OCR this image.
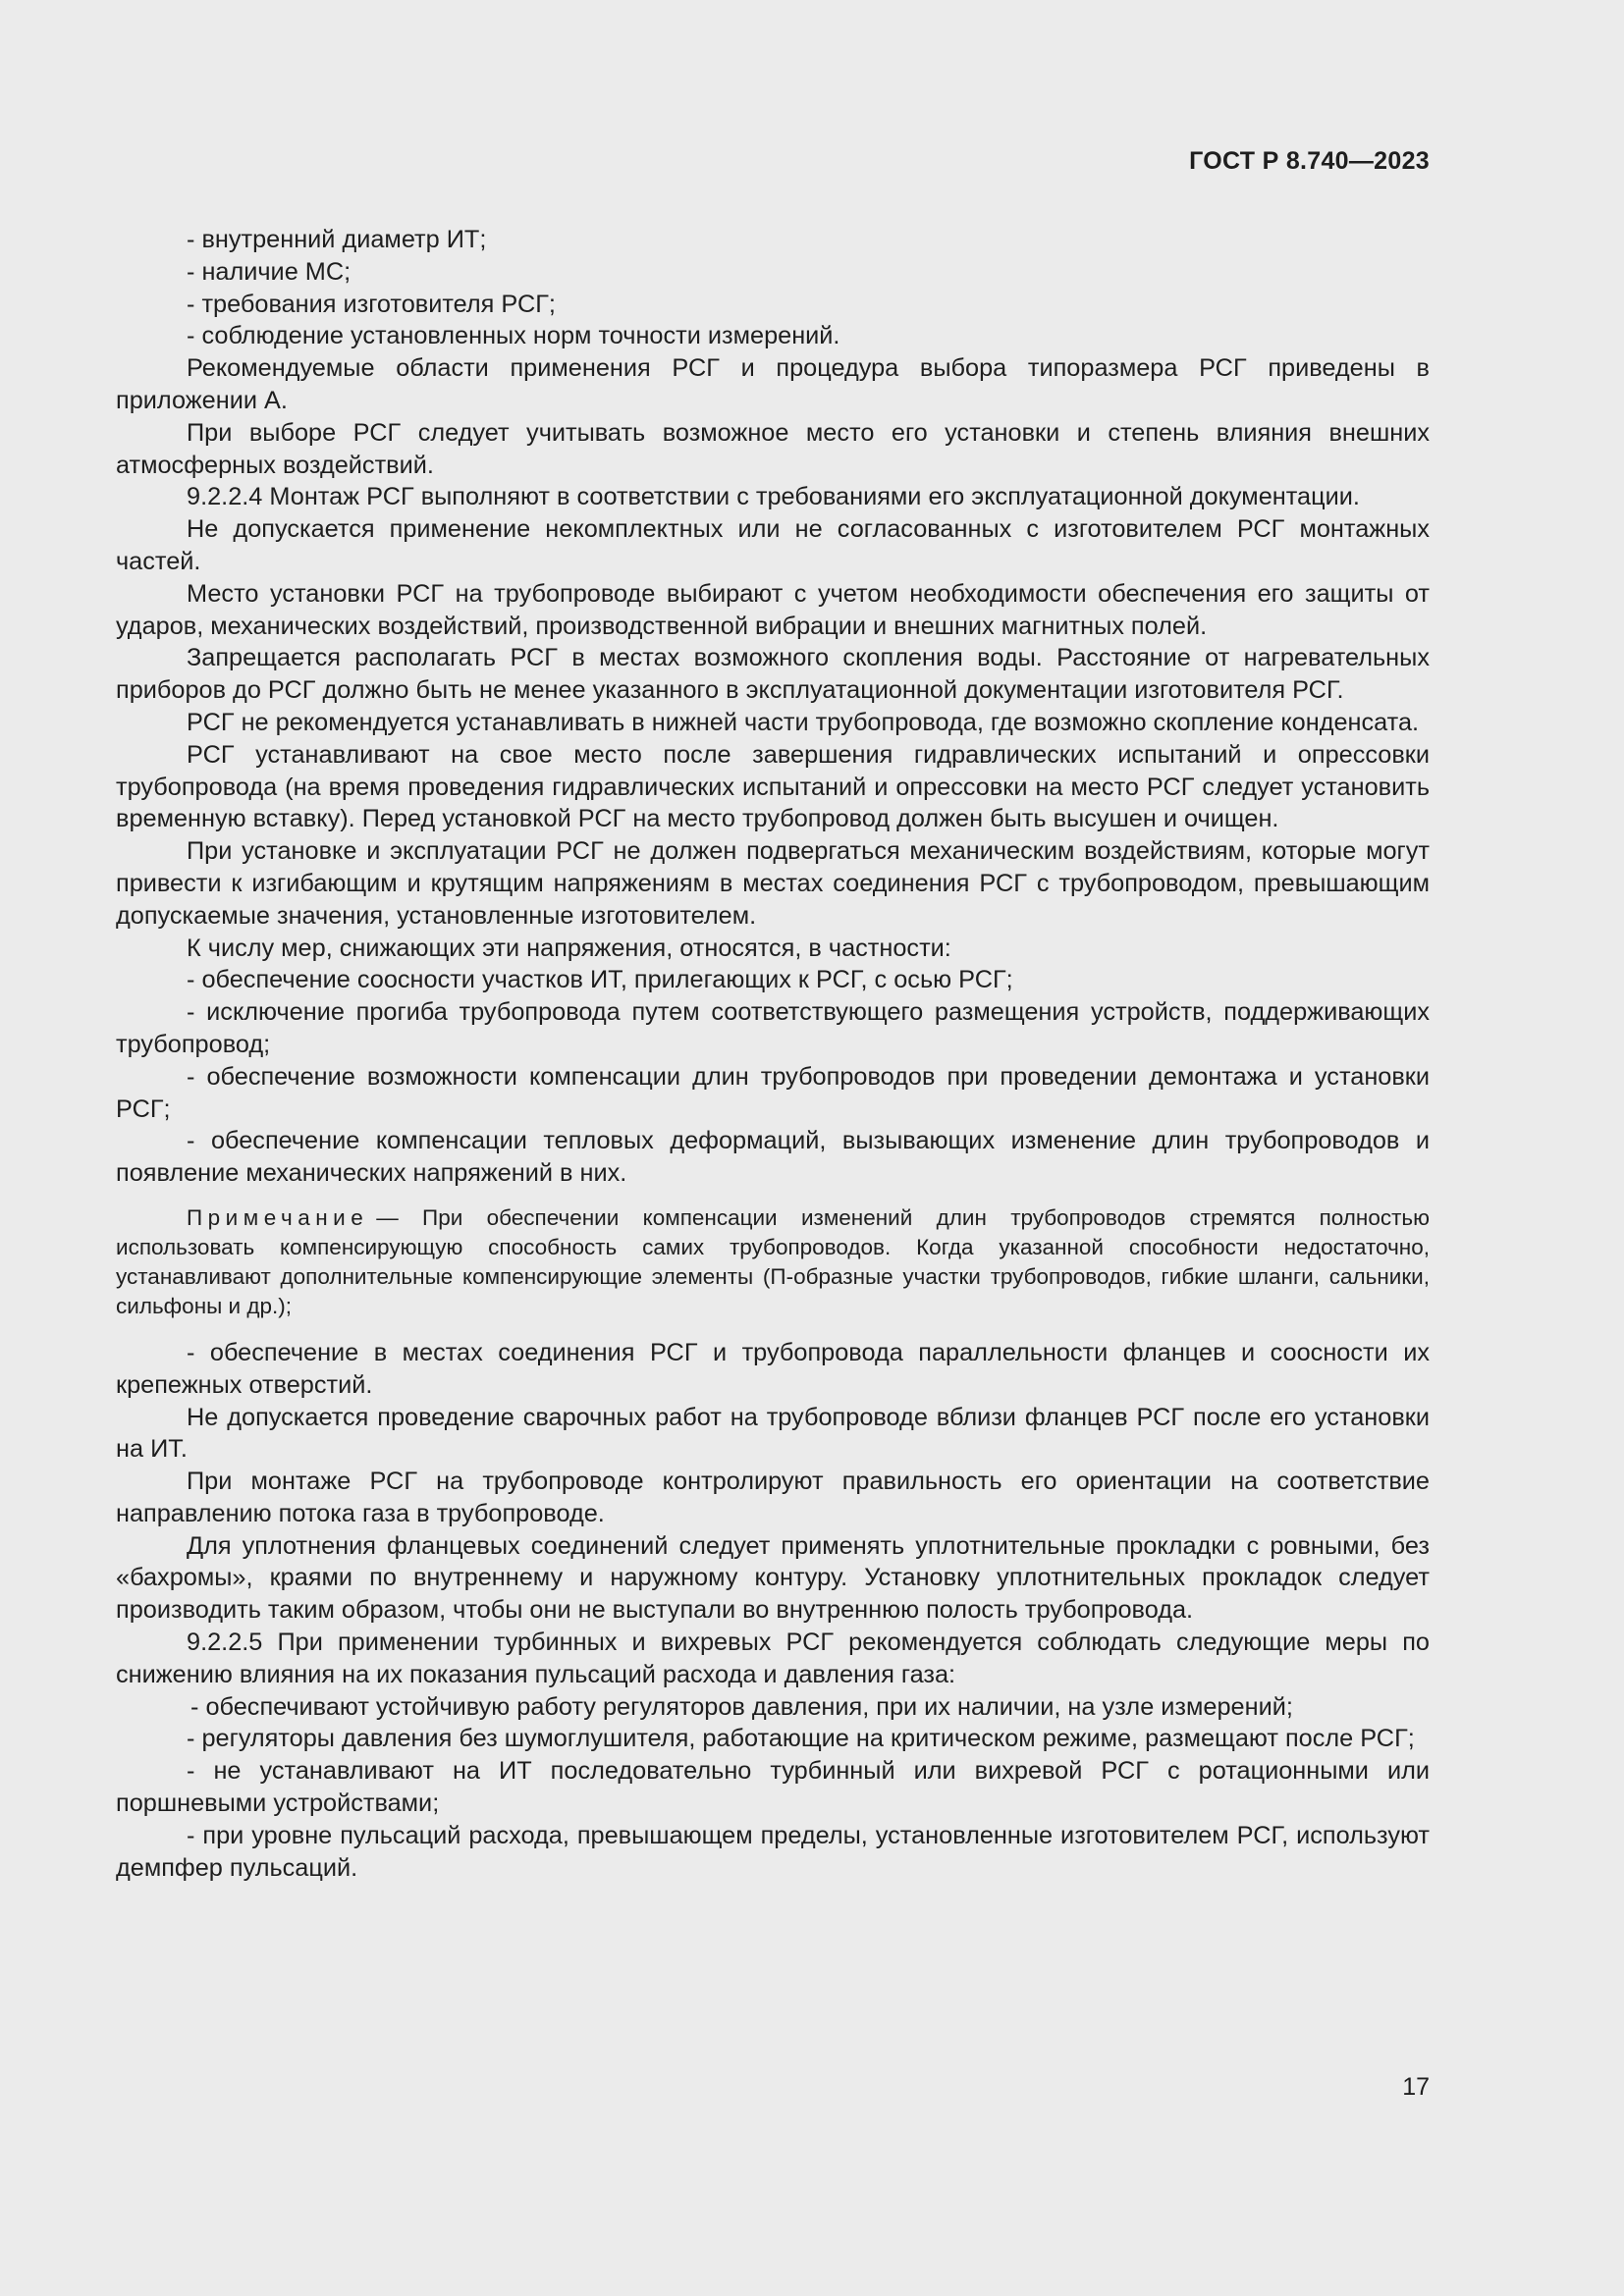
ГОСТ Р 8.740—2023

- внутренний диаметр ИТ;

- наличие МС;

- требования изготовителя РСГ;

- соблюдение установленных норм точности измерений.

Рекомендуемые области применения РСГ и процедура выбора типоразмера РСГ приведены в приложении А.

При выборе РСГ следует учитывать возможное место его установки и степень влияния внешних атмосферных воздействий.

9.2.2.4 Монтаж РСГ выполняют в соответствии с требованиями его эксплуатационной документации.

Не допускается применение некомплектных или не согласованных с изготовителем РСГ монтажных частей.

Место установки РСГ на трубопроводе выбирают с учетом необходимости обеспечения его защиты от ударов, механических воздействий, производственной вибрации и внешних магнитных полей.

Запрещается располагать РСГ в местах возможного скопления воды. Расстояние от нагревательных приборов до РСГ должно быть не менее указанного в эксплуатационной документации изготовителя РСГ.

РСГ не рекомендуется устанавливать в нижней части трубопровода, где возможно скопление конденсата.

РСГ устанавливают на свое место после завершения гидравлических испытаний и опрессовки трубопровода (на время проведения гидравлических испытаний и опрессовки на место РСГ следует установить временную вставку). Перед установкой РСГ на место трубопровод должен быть высушен и очищен.

При установке и эксплуатации РСГ не должен подвергаться механическим воздействиям, которые могут привести к изгибающим и крутящим напряжениям в местах соединения РСГ с трубопроводом, превышающим допускаемые значения, установленные изготовителем.

К числу мер, снижающих эти напряжения, относятся, в частности:

- обеспечение соосности участков ИТ, прилегающих к РСГ, с осью РСГ;

- исключение прогиба трубопровода путем соответствующего размещения устройств, поддерживающих трубопровод;

- обеспечение возможности компенсации длин трубопроводов при проведении демонтажа и установки РСГ;

- обеспечение компенсации тепловых деформаций, вызывающих изменение длин трубопроводов и появление механических напряжений в них.

Примечание — При обеспечении компенсации изменений длин трубопроводов стремятся полностью использовать компенсирующую способность самих трубопроводов. Когда указанной способности недостаточно, устанавливают дополнительные компенсирующие элементы (П-образные участки трубопроводов, гибкие шланги, сальники, сильфоны и др.);

- обеспечение в местах соединения РСГ и трубопровода параллельности фланцев и соосности их крепежных отверстий.

Не допускается проведение сварочных работ на трубопроводе вблизи фланцев РСГ после его установки на ИТ.

При монтаже РСГ на трубопроводе контролируют правильность его ориентации на соответствие направлению потока газа в трубопроводе.

Для уплотнения фланцевых соединений следует применять уплотнительные прокладки с ровными, без «бахромы», краями по внутреннему и наружному контуру. Установку уплотнительных прокладок следует производить таким образом, чтобы они не выступали во внутреннюю полость трубопровода.

9.2.2.5 При применении турбинных и вихревых РСГ рекомендуется соблюдать следующие меры по снижению влияния на их показания пульсаций расхода и давления газа:

- обеспечивают устойчивую работу регуляторов давления, при их наличии, на узле измерений;

- регуляторы давления без шумоглушителя, работающие на критическом режиме, размещают после РСГ;

- не устанавливают на ИТ последовательно турбинный или вихревой РСГ с ротационными или поршневыми устройствами;

- при уровне пульсаций расхода, превышающем пределы, установленные изготовителем РСГ, используют демпфер пульсаций.

17
